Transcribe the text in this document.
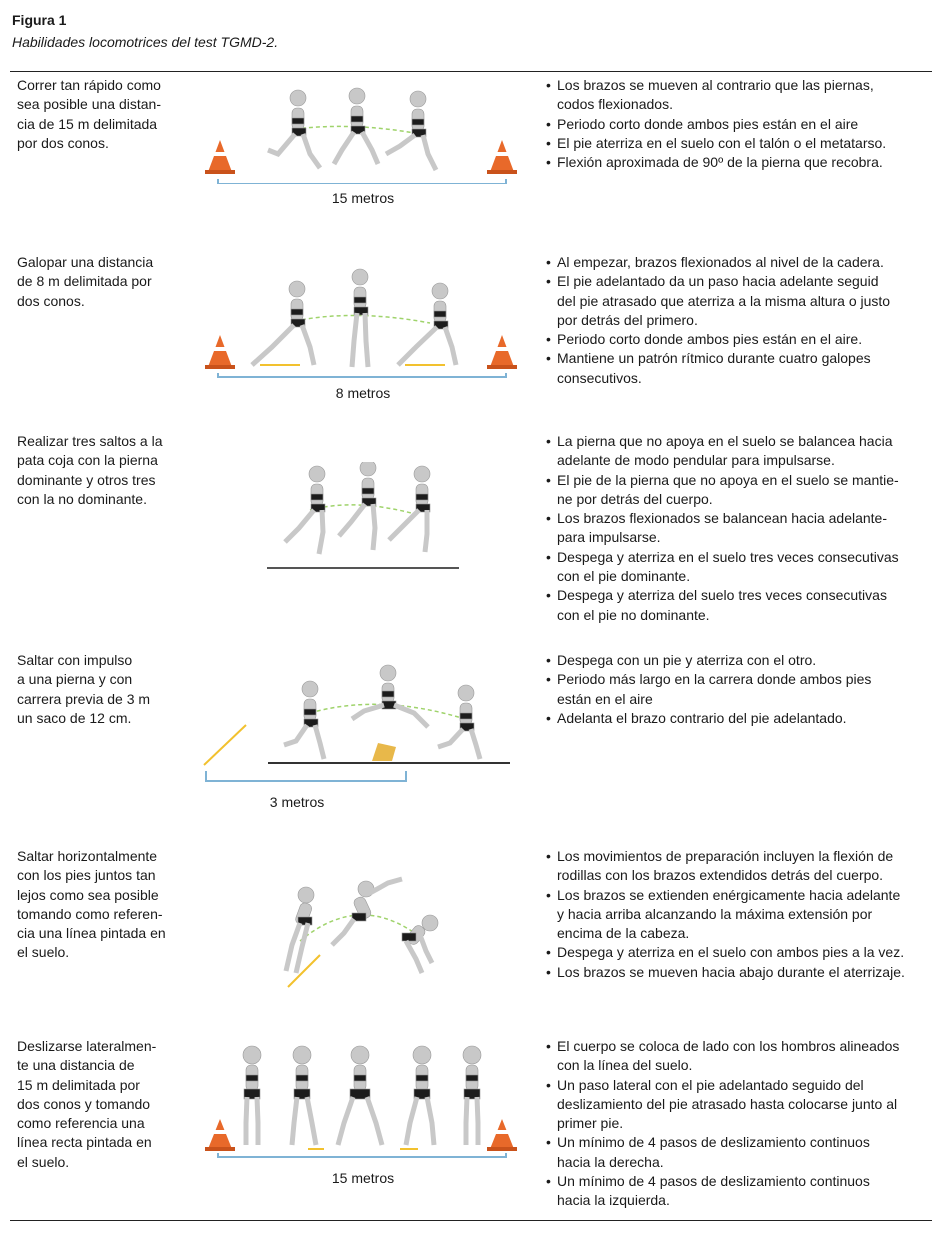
Figura 1
Habilidades locomotrices del test TGMD-2.
Correr tan rápido como
sea posible una distan-
cia de 15 m delimitada
por dos conos.
15 metros
• Los brazos se mueven al contrario que las piernas,
codos flexionados.
• Periodo corto donde ambos pies están en el aire
• El pie aterriza en el suelo con el talón o el metatarso.
• Flexión aproximada de 90º de la pierna que recobra.
Galopar una distancia
de 8 m delimitada por
dos conos.
8 metros
• Al empezar, brazos flexionados al nivel de la cadera.
• El pie adelantado da un paso hacia adelante seguid
del pie atrasado que aterriza a la misma altura o justo
por detrás del primero.
• Periodo corto donde ambos pies están en el aire.
• Mantiene un patrón rítmico durante cuatro galopes
consecutivos.
Realizar tres saltos a la
pata coja con la pierna
dominante y otros tres
con la no dominante.
• La pierna que no apoya en el suelo se balancea hacia
adelante de modo pendular para impulsarse.
• El pie de la pierna que no apoya en el suelo se mantie-
ne por detrás del cuerpo.
• Los brazos flexionados se balancean hacia adelante-
para impulsarse.
• Despega y aterriza en el suelo tres veces consecutivas
con el pie dominante.
• Despega y aterriza del suelo tres veces consecutivas
con el pie no dominante.
Saltar con impulso
a una pierna y con
carrera previa de 3 m
un saco de 12 cm.
3 metros
• Despega con un pie y aterriza con el otro.
• Periodo más largo en la carrera donde ambos pies
están en el aire
• Adelanta el brazo contrario del pie adelantado.
Saltar horizontalmente
con los pies juntos tan
lejos como sea posible
tomando como referen-
cia una línea pintada en
el suelo.
• Los movimientos de preparación incluyen la flexión de
rodillas con los brazos extendidos detrás del cuerpo.
• Los brazos se extienden enérgicamente hacia adelante
y hacia arriba alcanzando la máxima extensión por
encima de la cabeza.
• Despega y aterriza en el suelo con ambos pies a la vez.
• Los brazos se mueven hacia abajo durante el aterrizaje.
Deslizarse lateralmen-
te una distancia de
15 m delimitada por
dos conos y tomando
como referencia una
línea recta pintada en
el suelo.
15 metros
• El cuerpo se coloca de lado con los hombros alineados
con la línea del suelo.
• Un paso lateral con el pie adelantado seguido del
deslizamiento del pie atrasado hasta colocarse junto al
primer pie.
• Un mínimo de 4 pasos de deslizamiento continuos
hacia la derecha.
• Un mínimo de 4 pasos de deslizamiento continuos
hacia la izquierda.
